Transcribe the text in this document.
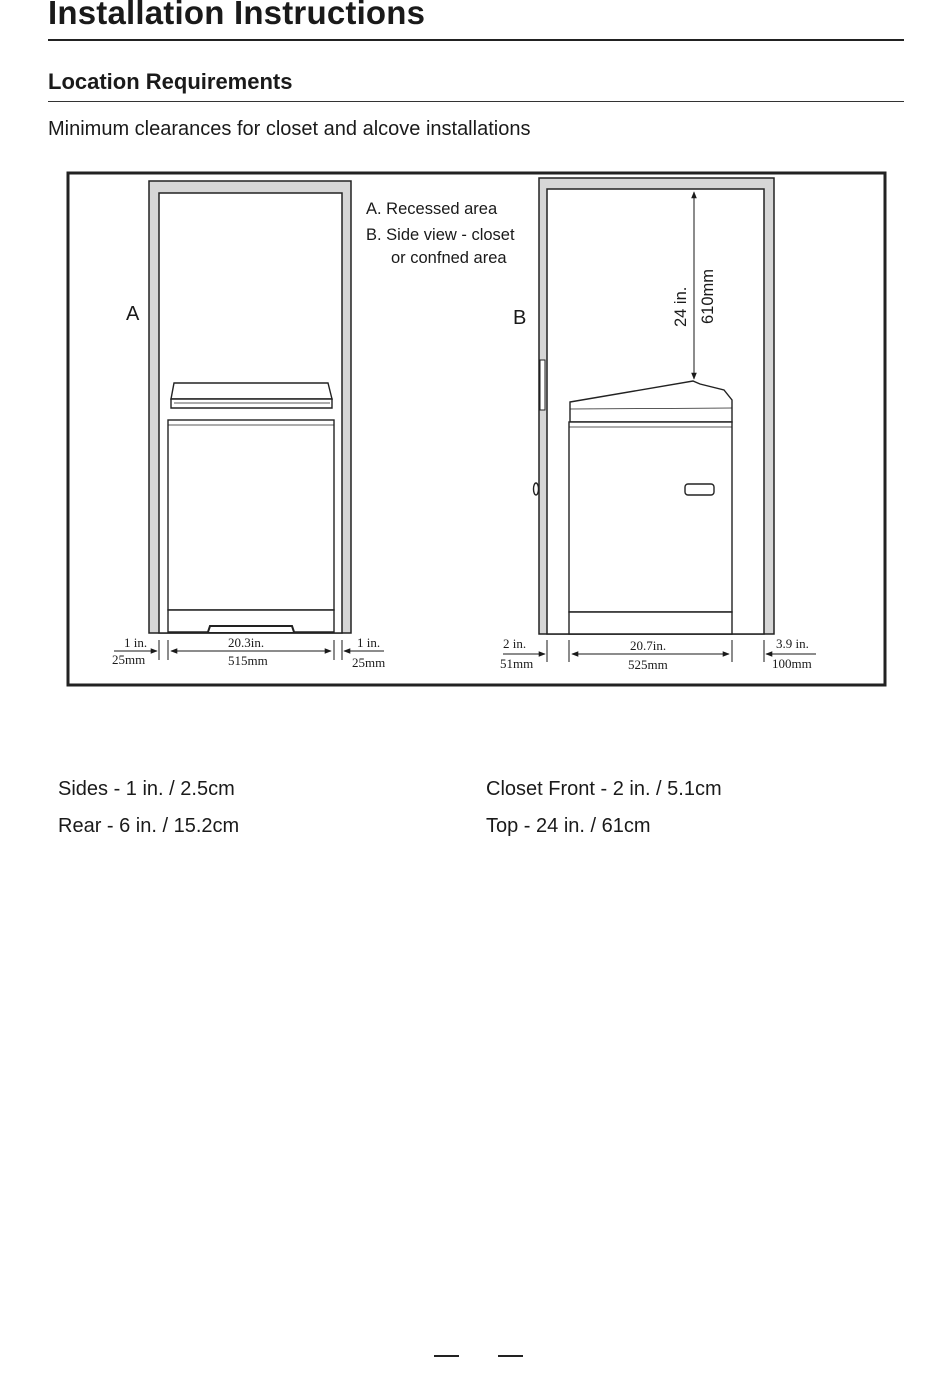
Installation Instructions
Location Requirements
Minimum clearances for closet and alcove installations
A
A. Recessed area
B. Side view - closet
or confned area
24 in. 610mm
B
1 in.
25mm
20.3in.
515mm
1 in.
25mm
2 in.
51mm
20.7in.
525mm
3.9 in.
100mm
Sides - 1 in. / 2.5cm
Rear - 6 in. / 15.2cm
Closet Front - 2 in. / 5.1cm
Top - 24 in. / 61cm
